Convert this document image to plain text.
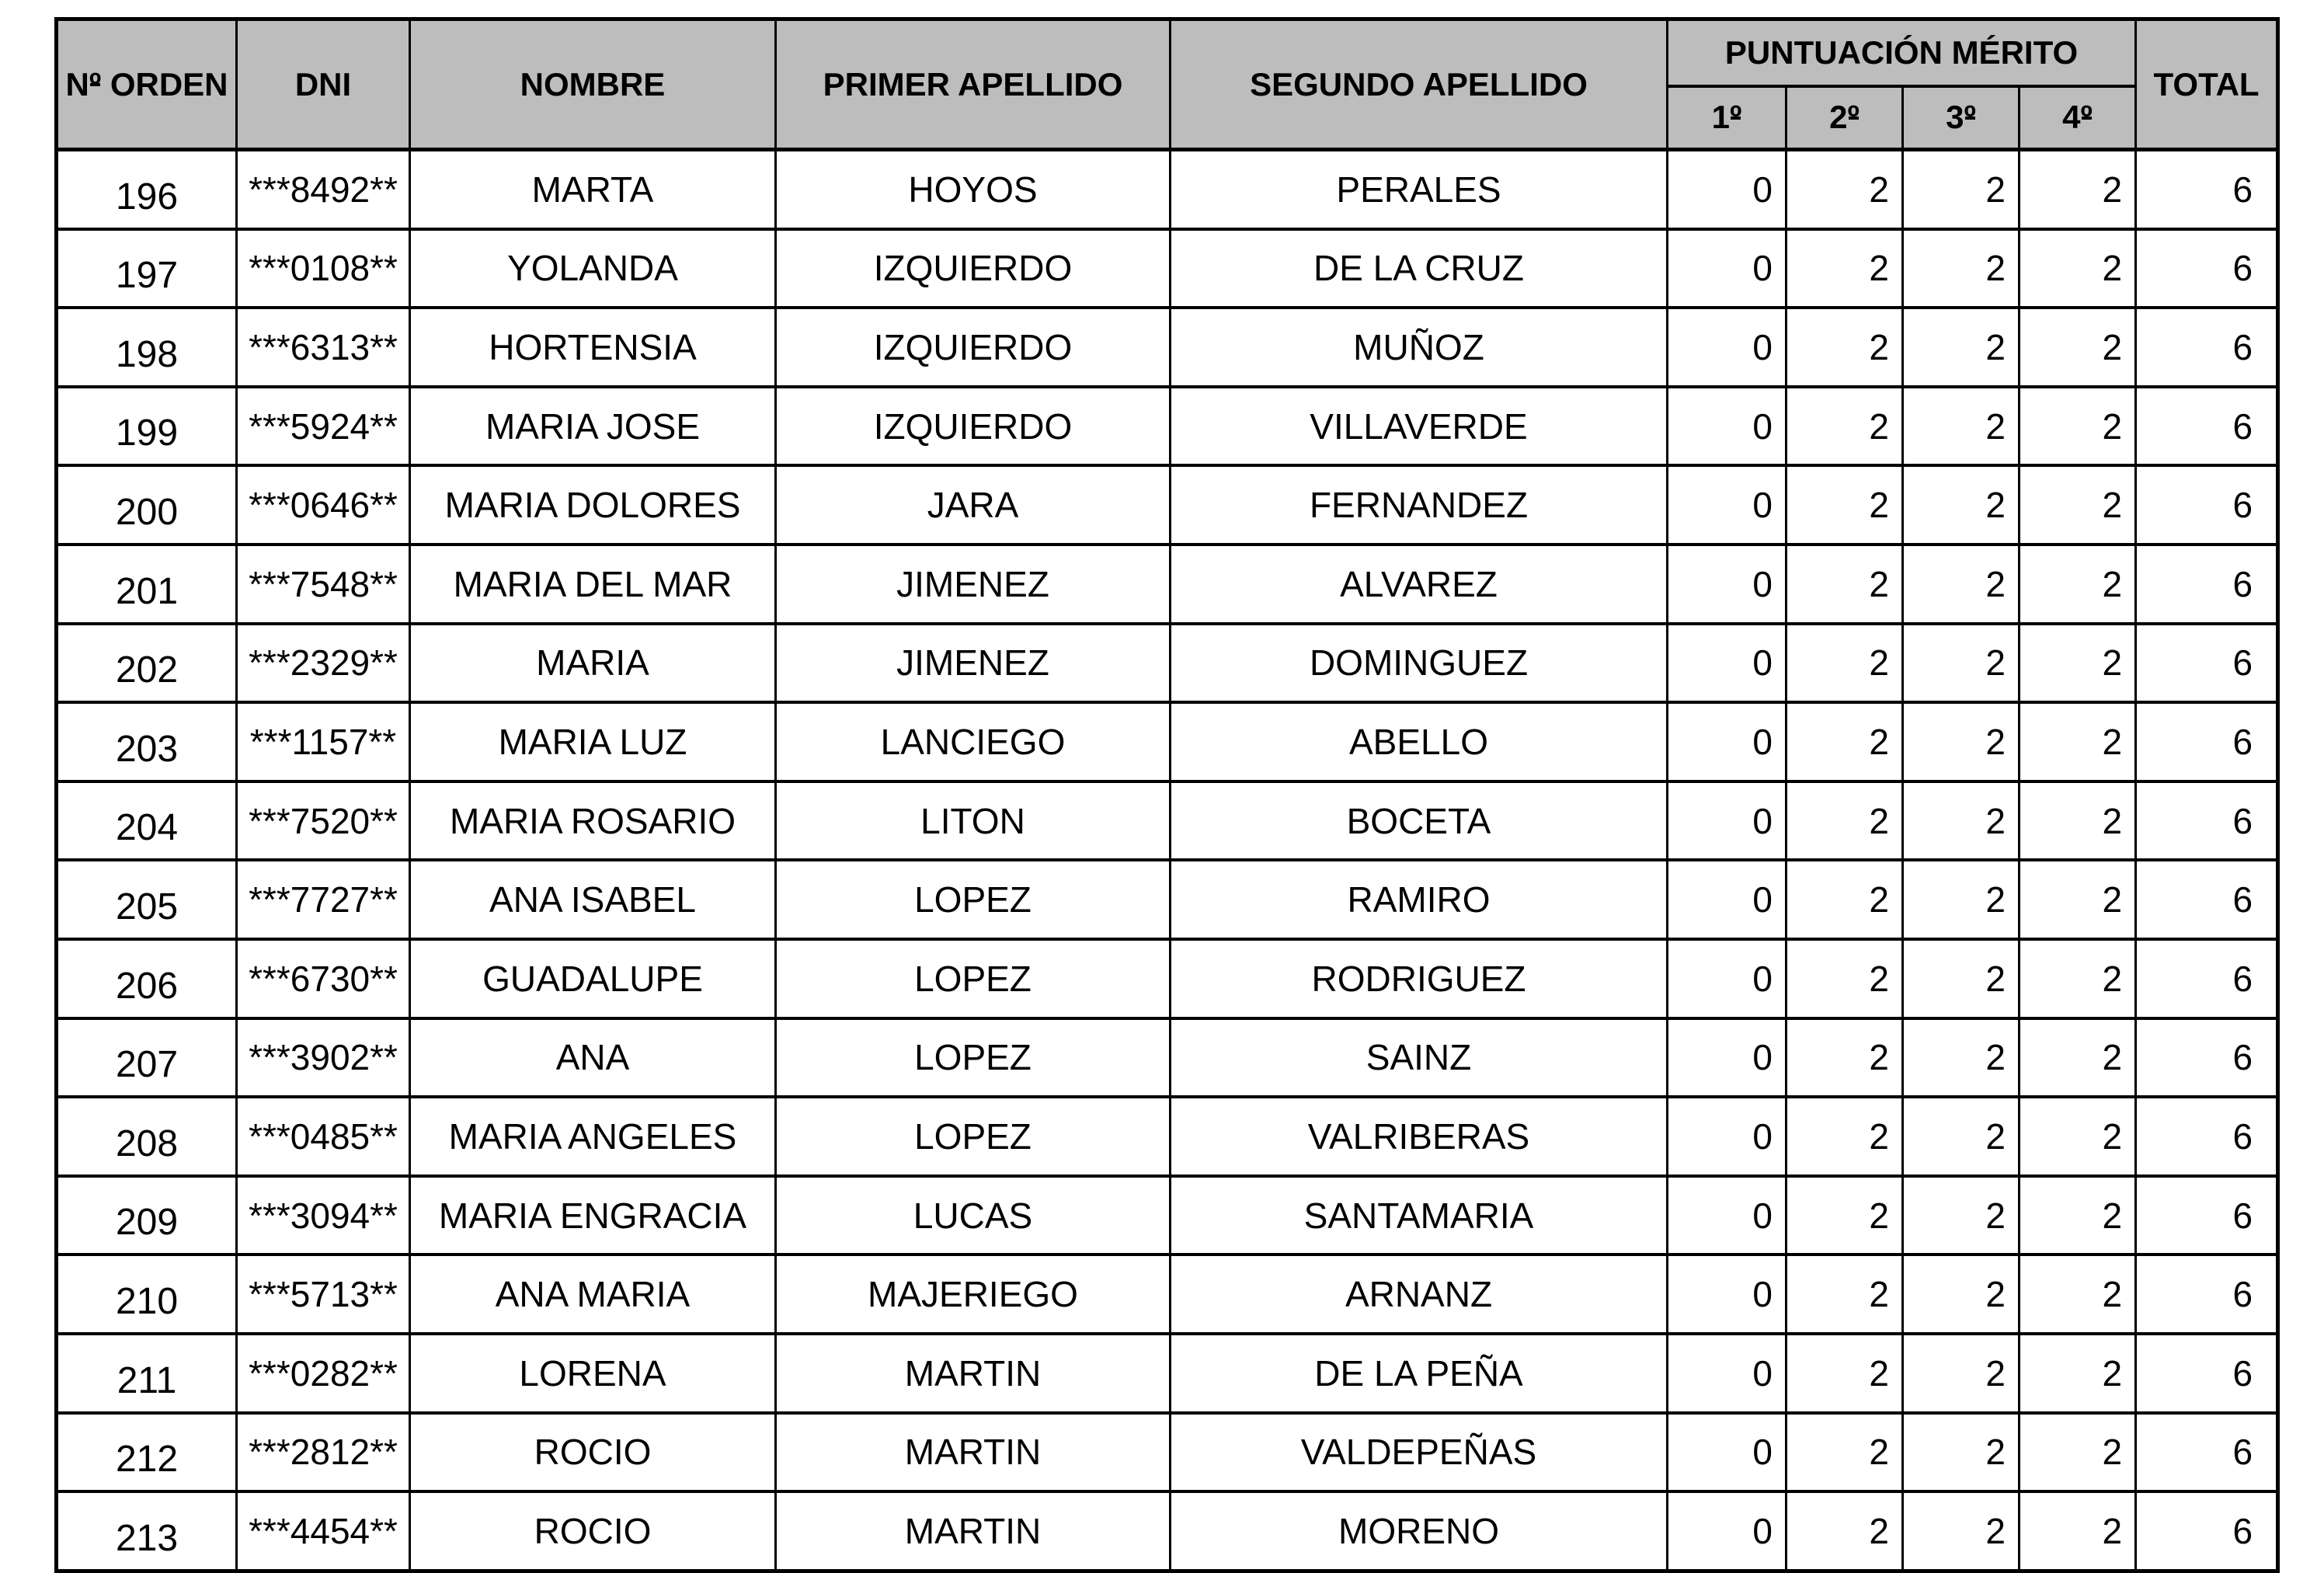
Nº ORDEN	DNI	NOMBRE	PRIMER APELLIDO	SEGUNDO APELLIDO	PUNTUACIÓN MÉRITO				TOTAL
					1º	2º	3º	4º	
196	***8492**	MARTA	HOYOS	PERALES	0	2	2	2	6
197	***0108**	YOLANDA	IZQUIERDO	DE LA CRUZ	0	2	2	2	6
198	***6313**	HORTENSIA	IZQUIERDO	MUÑOZ	0	2	2	2	6
199	***5924**	MARIA JOSE	IZQUIERDO	VILLAVERDE	0	2	2	2	6
200	***0646**	MARIA DOLORES	JARA	FERNANDEZ	0	2	2	2	6
201	***7548**	MARIA DEL MAR	JIMENEZ	ALVAREZ	0	2	2	2	6
202	***2329**	MARIA	JIMENEZ	DOMINGUEZ	0	2	2	2	6
203	***1157**	MARIA LUZ	LANCIEGO	ABELLO	0	2	2	2	6
204	***7520**	MARIA ROSARIO	LITON	BOCETA	0	2	2	2	6
205	***7727**	ANA ISABEL	LOPEZ	RAMIRO	0	2	2	2	6
206	***6730**	GUADALUPE	LOPEZ	RODRIGUEZ	0	2	2	2	6
207	***3902**	ANA	LOPEZ	SAINZ	0	2	2	2	6
208	***0485**	MARIA ANGELES	LOPEZ	VALRIBERAS	0	2	2	2	6
209	***3094**	MARIA ENGRACIA	LUCAS	SANTAMARIA	0	2	2	2	6
210	***5713**	ANA MARIA	MAJERIEGO	ARNANZ	0	2	2	2	6
211	***0282**	LORENA	MARTIN	DE LA PEÑA	0	2	2	2	6
212	***2812**	ROCIO	MARTIN	VALDEPEÑAS	0	2	2	2	6
213	***4454**	ROCIO	MARTIN	MORENO	0	2	2	2	6
